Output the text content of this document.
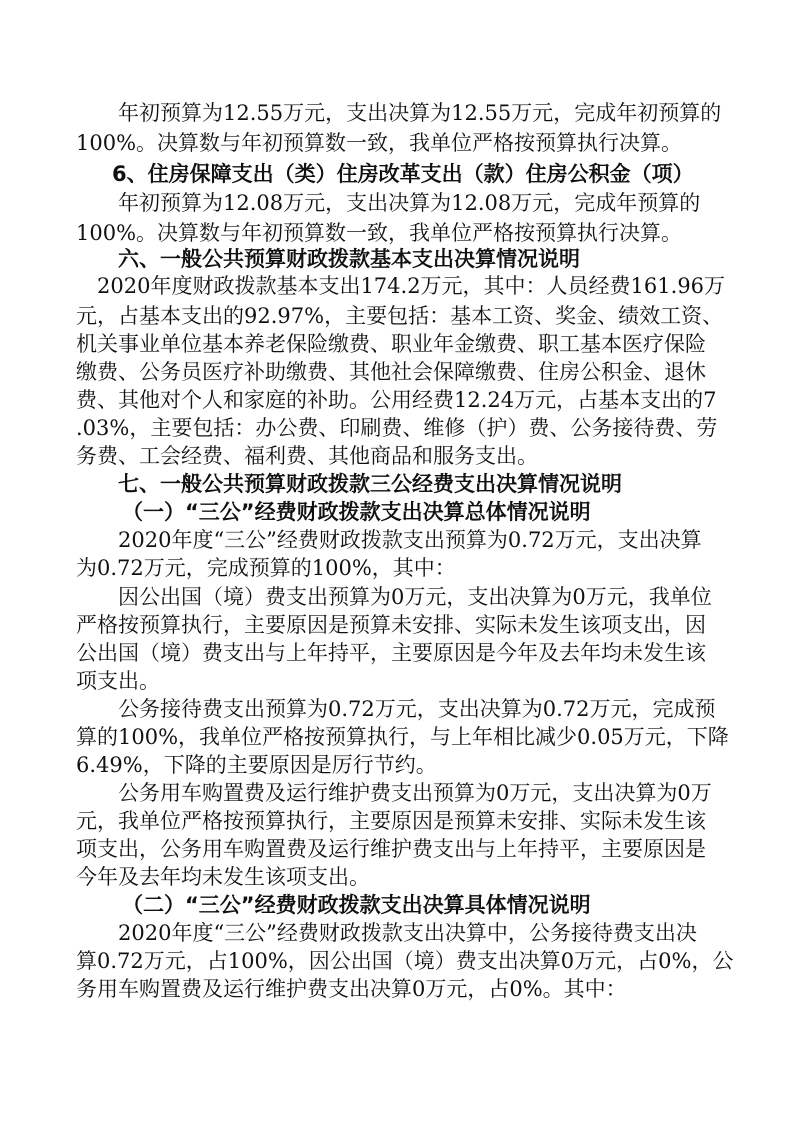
年初预算为12.55万元，支出决算为12.55万元，完成年初预算的
100%。决算数与年初预算数一致，我单位严格按预算执行决算。
6、住房保障支出（类）住房改革支出（款）住房公积金（项）
年初预算为12.08万元，支出决算为12.08万元，完成年预算的
100%。决算数与年初预算数一致，我单位严格按预算执行决算。
六、一般公共预算财政拨款基本支出决算情况说明
2020年度财政拨款基本支出174.2万元，其中：人员经费161.96万
元，占基本支出的92.97%，主要包括：基本工资、奖金、绩效工资、
机关事业单位基本养老保险缴费、职业年金缴费、职工基本医疗保险
缴费、公务员医疗补助缴费、其他社会保障缴费、住房公积金、退休
费、其他对个人和家庭的补助。公用经费12.24万元，占基本支出的7
.03%，主要包括：办公费、印刷费、维修（护）费、公务接待费、劳
务费、工会经费、福利费、其他商品和服务支出。
七、一般公共预算财政拨款三公经费支出决算情况说明
（一）“三公”经费财政拨款支出决算总体情况说明
2020年度“三公”经费财政拨款支出预算为0.72万元，支出决算
为0.72万元，完成预算的100%，其中：
因公出国（境）费支出预算为0万元，支出决算为0万元，我单位
严格按预算执行，主要原因是预算未安排、实际未发生该项支出，因
公出国（境）费支出与上年持平，主要原因是今年及去年均未发生该
项支出。
公务接待费支出预算为0.72万元，支出决算为0.72万元，完成预
算的100%，我单位严格按预算执行，与上年相比减少0.05万元，下降
6.49%，下降的主要原因是厉行节约。
公务用车购置费及运行维护费支出预算为0万元，支出决算为0万
元，我单位严格按预算执行，主要原因是预算未安排、实际未发生该
项支出，公务用车购置费及运行维护费支出与上年持平，主要原因是
今年及去年均未发生该项支出。
（二）“三公”经费财政拨款支出决算具体情况说明
2020年度“三公”经费财政拨款支出决算中，公务接待费支出决
算0.72万元，占100%，因公出国（境）费支出决算0万元，占0%，公
务用车购置费及运行维护费支出决算0万元，占0%。其中：
